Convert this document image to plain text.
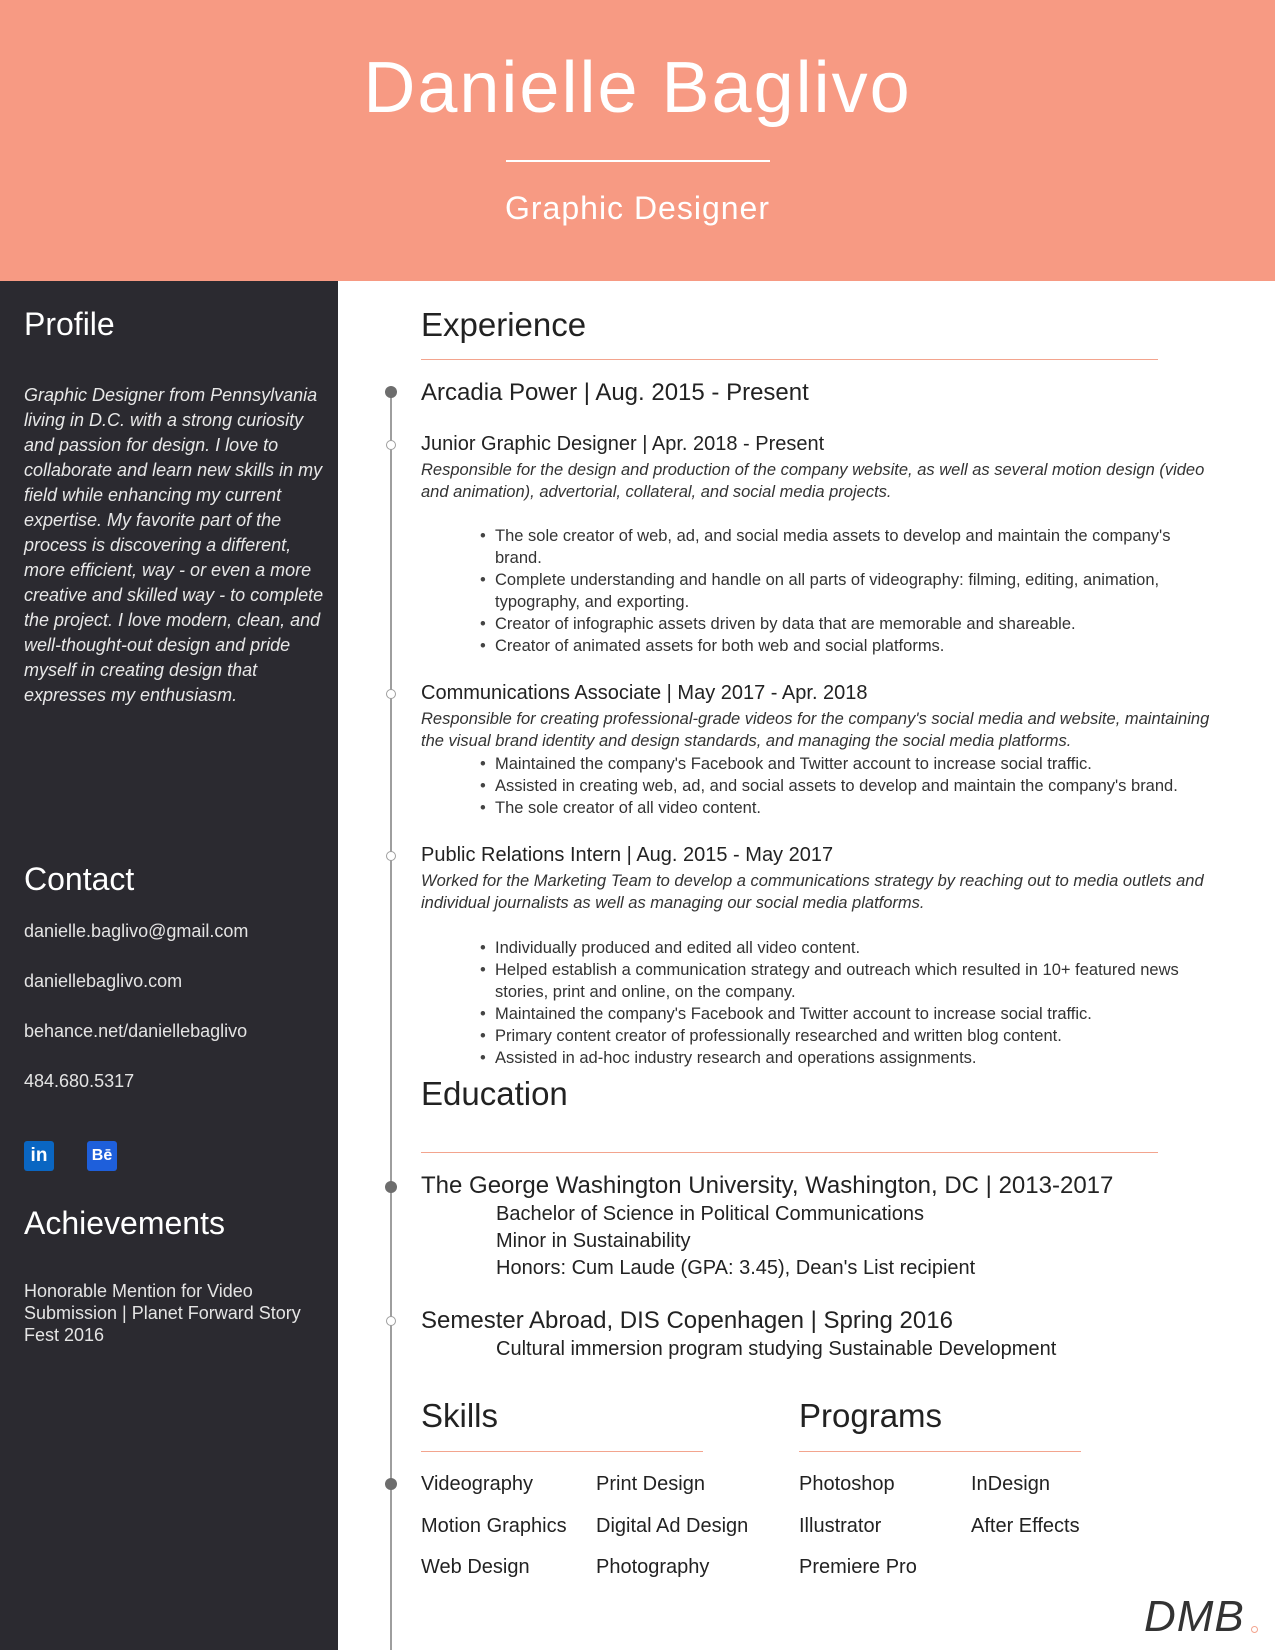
Danielle Baglivo
Graphic Designer
Profile
Graphic Designer from Pennsylvania living in D.C. with a strong curiosity and passion for design. I love to collaborate and learn new skills in my field while enhancing my current expertise. My favorite part of the process is discovering a different, more efficient, way - or even a more creative and skilled way - to complete the project. I love modern, clean, and well-thought-out design and pride myself in creating design that expresses my enthusiasm.
Contact
danielle.baglivo@gmail.com
daniellebaglivo.com
behance.net/daniellebaglivo
484.680.5317
in	Bē
Achievements
Honorable Mention for Video Submission | Planet Forward Story Fest 2016
Experience
Arcadia Power | Aug. 2015 - Present
Junior Graphic Designer | Apr. 2018 - Present
Responsible for the design and production of the company website, as well as several motion design (video and animation), advertorial, collateral, and social media projects.
• The sole creator of web, ad, and social media assets to develop and maintain the company's brand.
• Complete understanding and handle on all parts of videography: filming, editing, animation, typography, and exporting.
• Creator of infographic assets driven by data that are memorable and shareable.
• Creator of animated assets for both web and social platforms.
Communications Associate | May 2017 - Apr. 2018
Responsible for creating professional-grade videos for the company's social media and website, maintaining the visual brand identity and design standards, and managing the social media platforms.
• Maintained the company's Facebook and Twitter account to increase social traffic.
• Assisted in creating web, ad, and social assets to develop and maintain the company's brand.
• The sole creator of all video content.
Public Relations Intern | Aug. 2015 - May 2017
Worked for the Marketing Team to develop a communications strategy by reaching out to media outlets and individual journalists as well as managing our social media platforms.
• Individually produced and edited all video content.
• Helped establish a communication strategy and outreach which resulted in 10+ featured news stories, print and online, on the company.
• Maintained the company's Facebook and Twitter account to increase social traffic.
• Primary content creator of professionally researched and written blog content.
• Assisted in ad-hoc industry research and operations assignments.
Education
The George Washington University, Washington, DC | 2013-2017
Bachelor of Science in Political Communications
Minor in Sustainability
Honors: Cum Laude (GPA: 3.45), Dean's List recipient
Semester Abroad, DIS Copenhagen | Spring 2016
Cultural immersion program studying Sustainable Development
Skills
Videography
Motion Graphics
Web Design
Print Design
Digital Ad Design
Photography
Programs
Photoshop
Illustrator
Premiere Pro
InDesign
After Effects
DMB
